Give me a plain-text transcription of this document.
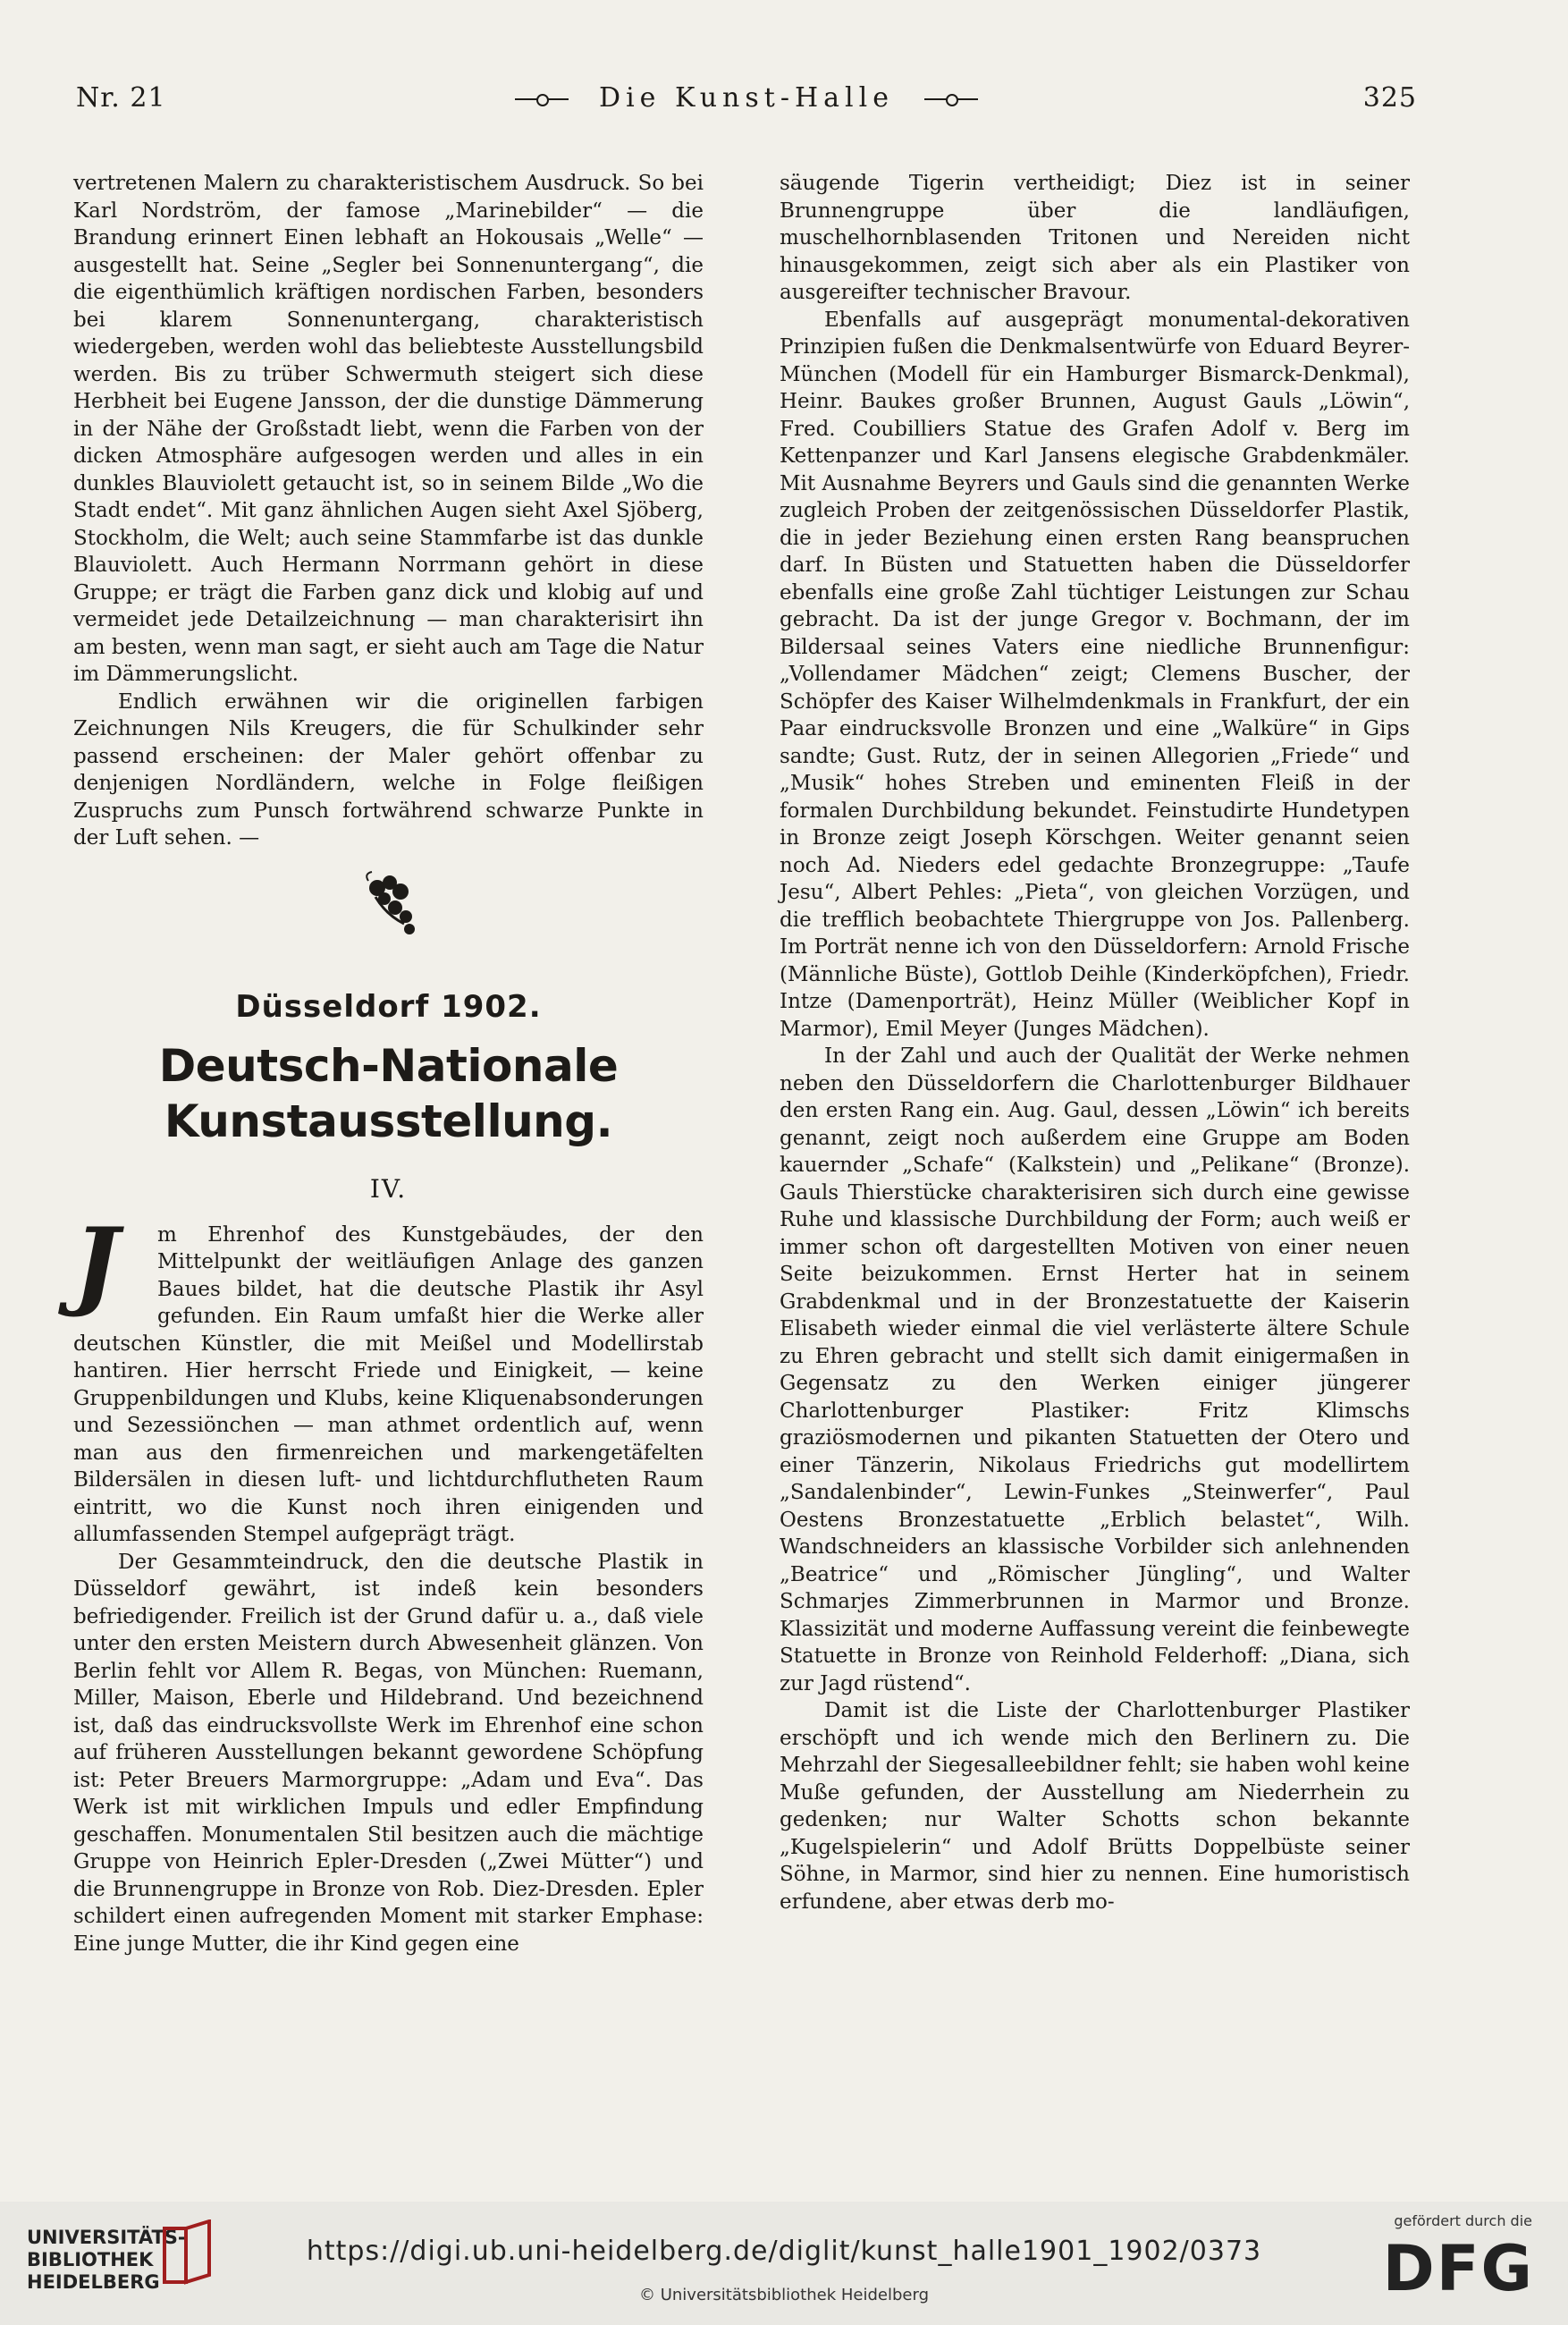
Nr. 21	Die Kunst-Halle	325

vertretenen Malern zu charakteristischem Ausdruck. So bei Karl Nordström, der famose „Marinebilder“ — die Brandung erinnert Einen lebhaft an Hokousais „Welle“ — ausgestellt hat. Seine „Segler bei Sonnenuntergang“, die die eigenthümlich kräftigen nordischen Farben, besonders bei klarem Sonnenuntergang, charakteristisch wiedergeben, werden wohl das beliebteste Ausstellungsbild werden. Bis zu trüber Schwermuth steigert sich diese Herbheit bei Eugene Jansson, der die dunstige Dämmerung in der Nähe der Großstadt liebt, wenn die Farben von der dicken Atmosphäre aufgesogen werden und alles in ein dunkles Blauviolett getaucht ist, so in seinem Bilde „Wo die Stadt endet“. Mit ganz ähnlichen Augen sieht Axel Sjöberg, Stockholm, die Welt; auch seine Stammfarbe ist das dunkle Blauviolett. Auch Hermann Norrmann gehört in diese Gruppe; er trägt die Farben ganz dick und klobig auf und vermeidet jede Detailzeichnung — man charakterisirt ihn am besten, wenn man sagt, er sieht auch am Tage die Natur im Dämmerungslicht.

Endlich erwähnen wir die originellen farbigen Zeichnungen Nils Kreugers, die für Schulkinder sehr passend erscheinen: der Maler gehört offenbar zu denjenigen Nordländern, welche in Folge fleißigen Zuspruchs zum Punsch fortwährend schwarze Punkte in der Luft sehen. —

Düsseldorf 1902.
Deutsch-Nationale
Kunstausstellung.
IV.
J	m Ehrenhof des Kunstgebäudes, der den Mittelpunkt der weitläufigen Anlage des ganzen Baues bildet, hat die deutsche Plastik ihr Asyl gefunden. Ein Raum umfaßt hier die Werke aller deutschen Künstler, die mit Meißel und Modellirstab hantiren. Hier herrscht Friede und Einigkeit, — keine Gruppenbildungen und Klubs, keine Kliquenabsonderungen und Sezessiönchen — man athmet ordentlich auf, wenn man aus den firmenreichen und markengetäfelten Bildersälen in diesen luft- und lichtdurchflutheten Raum eintritt, wo die Kunst noch ihren einigenden und allumfassenden Stempel aufgeprägt trägt.

Der Gesammteindruck, den die deutsche Plastik in Düsseldorf gewährt, ist indeß kein besonders befriedigender. Freilich ist der Grund dafür u. a., daß viele unter den ersten Meistern durch Abwesenheit glänzen. Von Berlin fehlt vor Allem R. Begas, von München: Ruemann, Miller, Maison, Eberle und Hildebrand. Und bezeichnend ist, daß das eindrucksvollste Werk im Ehrenhof eine schon auf früheren Ausstellungen bekannt gewordene Schöpfung ist: Peter Breuers Marmorgruppe: „Adam und Eva“. Das Werk ist mit wirklichen Impuls und edler Empfindung geschaffen. Monumentalen Stil besitzen auch die mächtige Gruppe von Heinrich Epler-Dresden („Zwei Mütter“) und die Brunnengruppe in Bronze von Rob. Diez-Dresden. Epler schildert einen aufregenden Moment mit starker Emphase: Eine junge Mutter, die ihr Kind gegen eine

säugende Tigerin vertheidigt; Diez ist in seiner Brunnengruppe über die landläufigen, muschelhornblasenden Tritonen und Nereiden nicht hinausgekommen, zeigt sich aber als ein Plastiker von ausgereifter technischer Bravour.

Ebenfalls auf ausgeprägt monumental-dekorativen Prinzipien fußen die Denkmalsentwürfe von Eduard Beyrer-München (Modell für ein Hamburger Bismarck-Denkmal), Heinr. Baukes großer Brunnen, August Gauls „Löwin“, Fred. Coubilliers Statue des Grafen Adolf v. Berg im Kettenpanzer und Karl Jansens elegische Grabdenkmäler. Mit Ausnahme Beyrers und Gauls sind die genannten Werke zugleich Proben der zeitgenössischen Düsseldorfer Plastik, die in jeder Beziehung einen ersten Rang beanspruchen darf. In Büsten und Statuetten haben die Düsseldorfer ebenfalls eine große Zahl tüchtiger Leistungen zur Schau gebracht. Da ist der junge Gregor v. Bochmann, der im Bildersaal seines Vaters eine niedliche Brunnenfigur: „Vollendamer Mädchen“ zeigt; Clemens Buscher, der Schöpfer des Kaiser Wilhelmdenkmals in Frankfurt, der ein Paar eindrucksvolle Bronzen und eine „Walküre“ in Gips sandte; Gust. Rutz, der in seinen Allegorien „Friede“ und „Musik“ hohes Streben und eminenten Fleiß in der formalen Durchbildung bekundet. Feinstudirte Hundetypen in Bronze zeigt Joseph Körschgen. Weiter genannt seien noch Ad. Nieders edel gedachte Bronzegruppe: „Taufe Jesu“, Albert Pehles: „Pieta“, von gleichen Vorzügen, und die trefflich beobachtete Thiergruppe von Jos. Pallenberg. Im Porträt nenne ich von den Düsseldorfern: Arnold Frische (Männliche Büste), Gottlob Deihle (Kinderköpfchen), Friedr. Intze (Damenporträt), Heinz Müller (Weiblicher Kopf in Marmor), Emil Meyer (Junges Mädchen).

In der Zahl und auch der Qualität der Werke nehmen neben den Düsseldorfern die Charlottenburger Bildhauer den ersten Rang ein. Aug. Gaul, dessen „Löwin“ ich bereits genannt, zeigt noch außerdem eine Gruppe am Boden kauernder „Schafe“ (Kalkstein) und „Pelikane“ (Bronze). Gauls Thierstücke charakterisiren sich durch eine gewisse Ruhe und klassische Durchbildung der Form; auch weiß er immer schon oft dargestellten Motiven von einer neuen Seite beizukommen. Ernst Herter hat in seinem Grabdenkmal und in der Bronzestatuette der Kaiserin Elisabeth wieder einmal die viel verlästerte ältere Schule zu Ehren gebracht und stellt sich damit einigermaßen in Gegensatz zu den Werken einiger jüngerer Charlottenburger Plastiker: Fritz Klimschs graziösmodernen und pikanten Statuetten der Otero und einer Tänzerin, Nikolaus Friedrichs gut modellirtem „Sandalenbinder“, Lewin-Funkes „Steinwerfer“, Paul Oestens Bronzestatuette „Erblich belastet“, Wilh. Wandschneiders an klassische Vorbilder sich anlehnenden „Beatrice“ und „Römischer Jüngling“, und Walter Schmarjes Zimmerbrunnen in Marmor und Bronze. Klassizität und moderne Auffassung vereint die feinbewegte Statuette in Bronze von Reinhold Felderhoff: „Diana, sich zur Jagd rüstend“.

Damit ist die Liste der Charlottenburger Plastiker erschöpft und ich wende mich den Berlinern zu. Die Mehrzahl der Siegesalleebildner fehlt; sie haben wohl keine Muße gefunden, der Ausstellung am Niederrhein zu gedenken; nur Walter Schotts schon bekannte „Kugelspielerin“ und Adolf Brütts Doppelbüste seiner Söhne, in Marmor, sind hier zu nennen. Eine humoristisch erfundene, aber etwas derb mo-

UNIVERSITÄTS-
BIBLIOTHEK
HEIDELBERG
https://digi.ub.uni-heidelberg.de/diglit/kunst_halle1901_1902/0373
© Universitätsbibliothek Heidelberg
gefördert durch die
DFG
